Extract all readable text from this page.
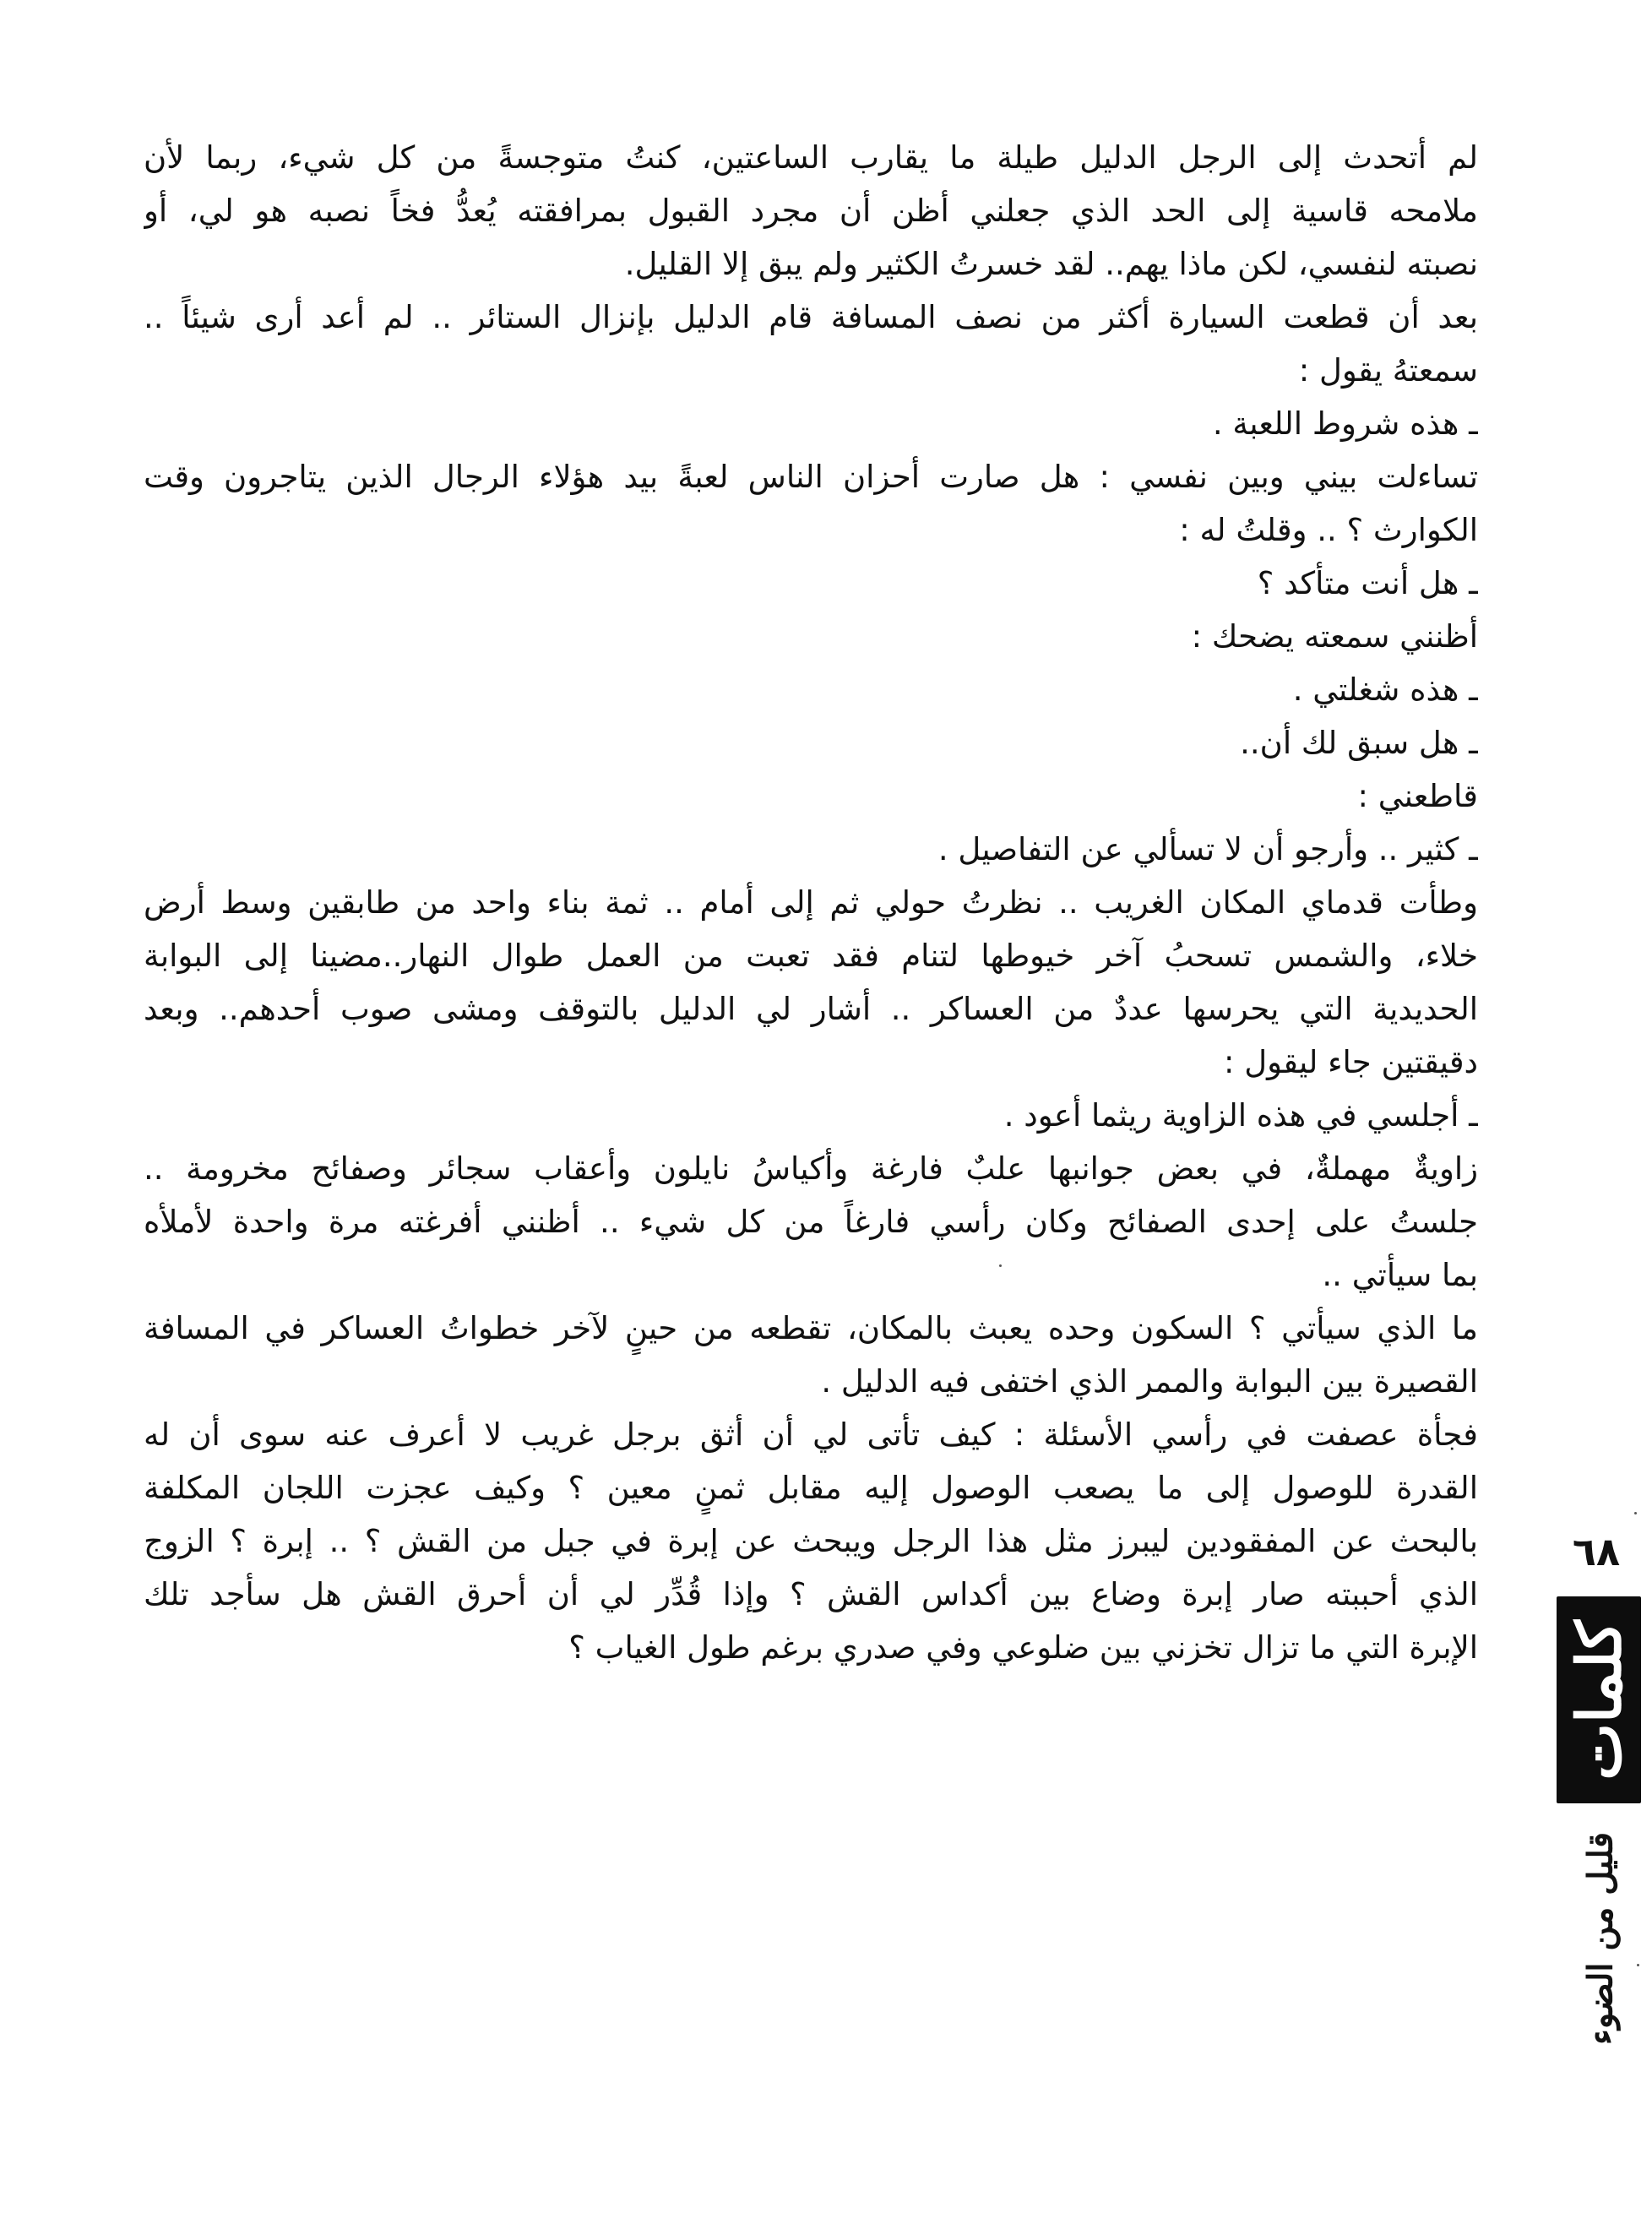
لم أتحدث إلى الرجل الدليل طيلة ما يقارب الساعتين، كنتُ متوجسةً من كل شيء، ربما لأن
ملامحه قاسية إلى الحد الذي جعلني أظن أن مجرد القبول بمرافقته يُعدُّ فخاً نصبه هو لي، أو
نصبته لنفسي، لكن ماذا يهم.. لقد خسرتُ الكثير ولم يبق إلا القليل.
بعد أن قطعت السيارة أكثر من نصف المسافة قام الدليل بإنزال الستائر .. لم أعد أرى شيئاً ..
سمعتهُ يقول :
ـ هذه شروط اللعبة .
تساءلت بيني وبين نفسي : هل صارت أحزان الناس لعبةً بيد هؤلاء الرجال الذين يتاجرون وقت
الكوارث ؟ .. وقلتُ له :
ـ هل أنت متأكد ؟
أظنني سمعته يضحك :
ـ هذه شغلتي .
ـ هل سبق لك أن..
قاطعني :
ـ كثير .. وأرجو أن لا تسألي عن التفاصيل .
وطأت قدماي المكان الغريب .. نظرتُ حولي ثم إلى أمام .. ثمة بناء واحد من طابقين وسط أرض
خلاء، والشمس تسحبُ آخر خيوطها لتنام فقد تعبت من العمل طوال النهار..مضينا إلى البوابة
الحديدية التي يحرسها عددٌ من العساكر .. أشار لي الدليل بالتوقف ومشى صوب أحدهم.. وبعد
دقيقتين جاء ليقول :
ـ أجلسي في هذه الزاوية ريثما أعود .
زاويةٌ مهملةٌ، في بعض جوانبها علبٌ فارغة وأكياسُ نايلون وأعقاب سجائر وصفائح مخرومة ..
جلستُ على إحدى الصفائح وكان رأسي فارغاً من كل شيء .. أظنني أفرغته مرة واحدة لأملأه
بما سيأتي ..
ما الذي سيأتي ؟ السكون وحده يعبث بالمكان، تقطعه من حينٍ لآخر خطواتُ العساكر في المسافة
القصيرة بين البوابة والممر الذي اختفى فيه الدليل .
فجأة عصفت في رأسي الأسئلة : كيف تأتى لي أن أثق برجل غريب لا أعرف عنه سوى أن له
القدرة للوصول إلى ما يصعب الوصول إليه مقابل ثمنٍ معين ؟ وكيف عجزت اللجان المكلفة
بالبحث عن المفقودين ليبرز مثل هذا الرجل ويبحث عن إبرة في جبل من القش ؟ .. إبرة ؟ الزوج
الذي أحببته صار إبرة وضاع بين أكداس القش ؟ وإذا قُدِّر لي أن أحرق القش هل سأجد تلك
الإبرة التي ما تزال تخزني بين ضلوعي وفي صدري برغم طول الغياب ؟
٦٨
كلمات
قليل من الضوء
